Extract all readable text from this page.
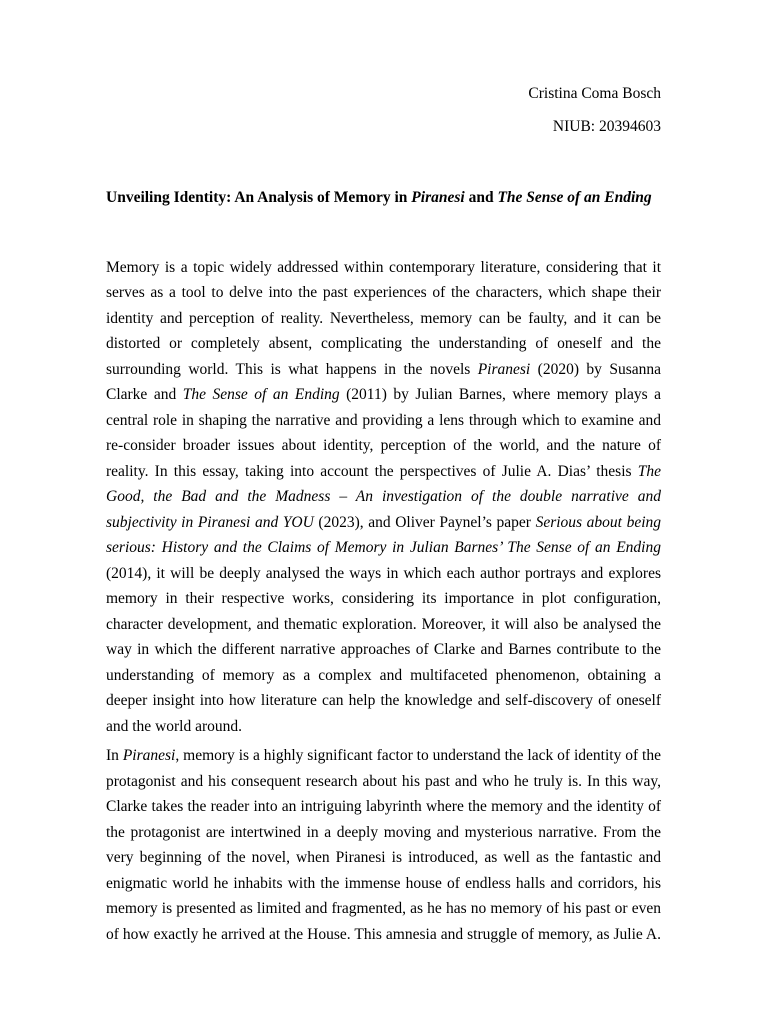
Cristina Coma Bosch
NIUB: 20394603
Unveiling Identity: An Analysis of Memory in Piranesi and The Sense of an Ending

Memory is a topic widely addressed within contemporary literature, considering that it serves as a tool to delve into the past experiences of the characters, which shape their identity and perception of reality. Nevertheless, memory can be faulty, and it can be distorted or completely absent, complicating the understanding of oneself and the surrounding world. This is what happens in the novels Piranesi (2020) by Susanna Clarke and The Sense of an Ending (2011) by Julian Barnes, where memory plays a central role in shaping the narrative and providing a lens through which to examine and re-consider broader issues about identity, perception of the world, and the nature of reality. In this essay, taking into account the perspectives of Julie A. Dias’ thesis The Good, the Bad and the Madness – An investigation of the double narrative and subjectivity in Piranesi and YOU (2023), and Oliver Paynel’s paper Serious about being serious: History and the Claims of Memory in Julian Barnes’ The Sense of an Ending (2014), it will be deeply analysed the ways in which each author portrays and explores memory in their respective works, considering its importance in plot configuration, character development, and thematic exploration. Moreover, it will also be analysed the way in which the different narrative approaches of Clarke and Barnes contribute to the understanding of memory as a complex and multifaceted phenomenon, obtaining a deeper insight into how literature can help the knowledge and self-discovery of oneself and the world around.

In Piranesi, memory is a highly significant factor to understand the lack of identity of the protagonist and his consequent research about his past and who he truly is. In this way, Clarke takes the reader into an intriguing labyrinth where the memory and the identity of the protagonist are intertwined in a deeply moving and mysterious narrative. From the very beginning of the novel, when Piranesi is introduced, as well as the fantastic and enigmatic world he inhabits with the immense house of endless halls and corridors, his memory is presented as limited and fragmented, as he has no memory of his past or even of how exactly he arrived at the House. This amnesia and struggle of memory, as Julie A.
